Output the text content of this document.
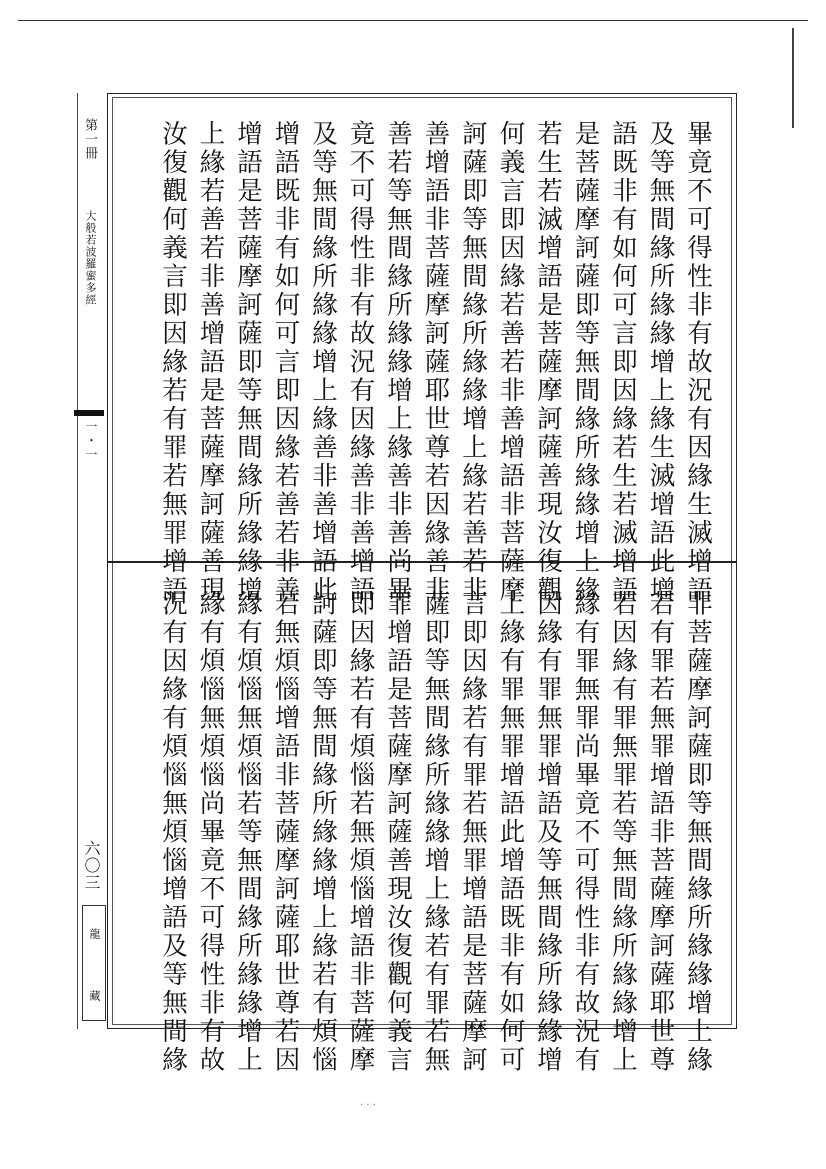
第一冊
大般若波羅蜜多經
一・一
六〇三
龍
藏
畢竟不可得性非有故況有因緣生滅增語
及等無間緣所緣緣增上緣生滅增語此增
語既非有如何可言即因緣若生若滅增語
是菩薩摩訶薩即等無間緣所緣緣增上緣
若生若滅增語是菩薩摩訶薩善現汝復觀
何義言即因緣若善若非善增語非菩薩摩
訶薩即等無間緣所緣緣增上緣若善若非
善增語非菩薩摩訶薩耶世尊若因緣善非
善若等無間緣所緣緣增上緣善非善尚畢
竟不可得性非有故況有因緣善非善增語
及等無間緣所緣緣增上緣善非善增語此
增語既非有如何可言即因緣若善若非善
增語是菩薩摩訶薩即等無間緣所緣緣增
上緣若善若非善增語是菩薩摩訶薩善現
汝復觀何義言即因緣若有罪若無罪增語
非菩薩摩訶薩即等無間緣所緣緣增上緣
若有罪若無罪增語非菩薩摩訶薩耶世尊
若因緣有罪無罪若等無間緣所緣緣增上
緣有罪無罪尚畢竟不可得性非有故況有
因緣有罪無罪增語及等無間緣所緣緣增
上緣有罪無罪增語此增語既非有如何可
言即因緣若有罪若無罪增語是菩薩摩訶
薩即等無間緣所緣緣增上緣若有罪若無
罪增語是菩薩摩訶薩善現汝復觀何義言
即因緣若有煩惱若無煩惱增語非菩薩摩
訶薩即等無間緣所緣緣增上緣若有煩惱
若無煩惱增語非菩薩摩訶薩耶世尊若因
緣有煩惱無煩惱若等無間緣所緣緣增上
緣有煩惱無煩惱尚畢竟不可得性非有故
況有因緣有煩惱無煩惱增語及等無間緣
· · ·
